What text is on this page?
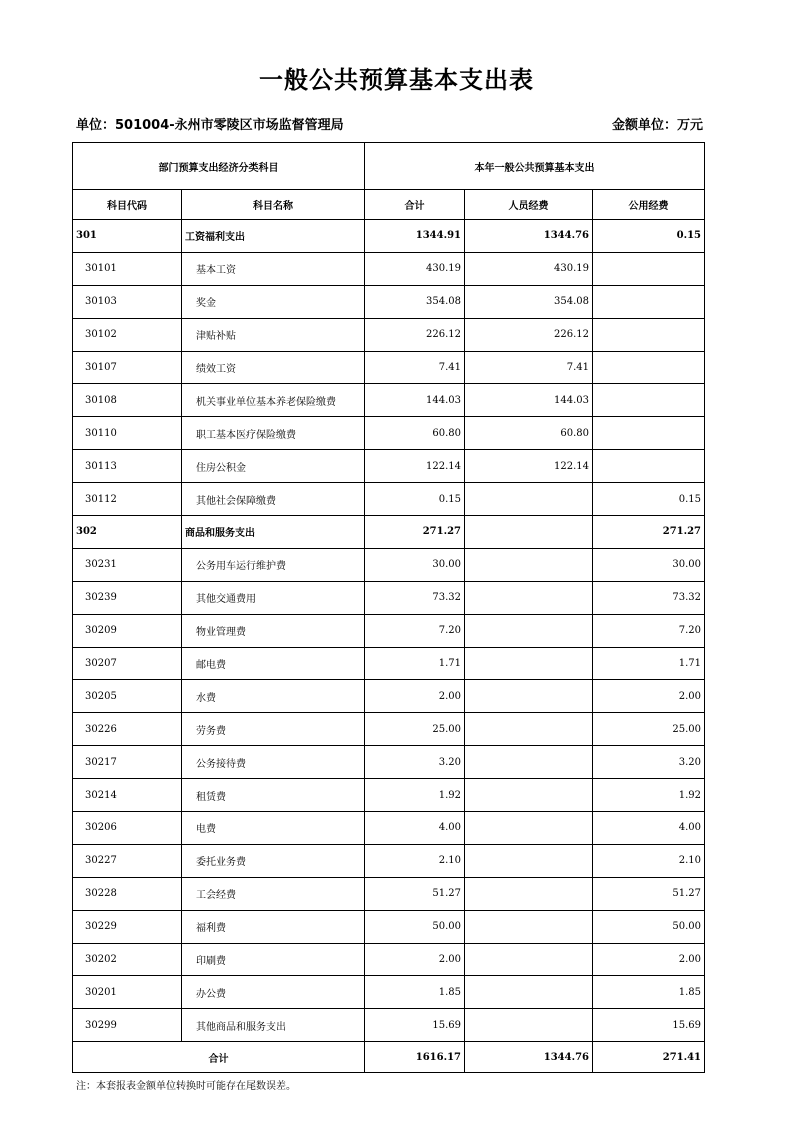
一般公共预算基本支出表
单位：501004-永州市零陵区市场监督管理局	金额单位：万元
部门预算支出经济分类科目		本年一般公共预算基本支出		
科目代码	科目名称	合计	人员经费	公用经费
301	工资福利支出	1344.91	1344.76	0.15
30101	基本工资	430.19	430.19	
30103	奖金	354.08	354.08	
30102	津贴补贴	226.12	226.12	
30107	绩效工资	7.41	7.41	
30108	机关事业单位基本养老保险缴费	144.03	144.03	
30110	职工基本医疗保险缴费	60.80	60.80	
30113	住房公积金	122.14	122.14	
30112	其他社会保障缴费	0.15		0.15
302	商品和服务支出	271.27		271.27
30231	公务用车运行维护费	30.00		30.00
30239	其他交通费用	73.32		73.32
30209	物业管理费	7.20		7.20
30207	邮电费	1.71		1.71
30205	水费	2.00		2.00
30226	劳务费	25.00		25.00
30217	公务接待费	3.20		3.20
30214	租赁费	1.92		1.92
30206	电费	4.00		4.00
30227	委托业务费	2.10		2.10
30228	工会经费	51.27		51.27
30229	福利费	50.00		50.00
30202	印刷费	2.00		2.00
30201	办公费	1.85		1.85
30299	其他商品和服务支出	15.69		15.69
合计		1616.17	1344.76	271.41
注：本套报表金额单位转换时可能存在尾数误差。
